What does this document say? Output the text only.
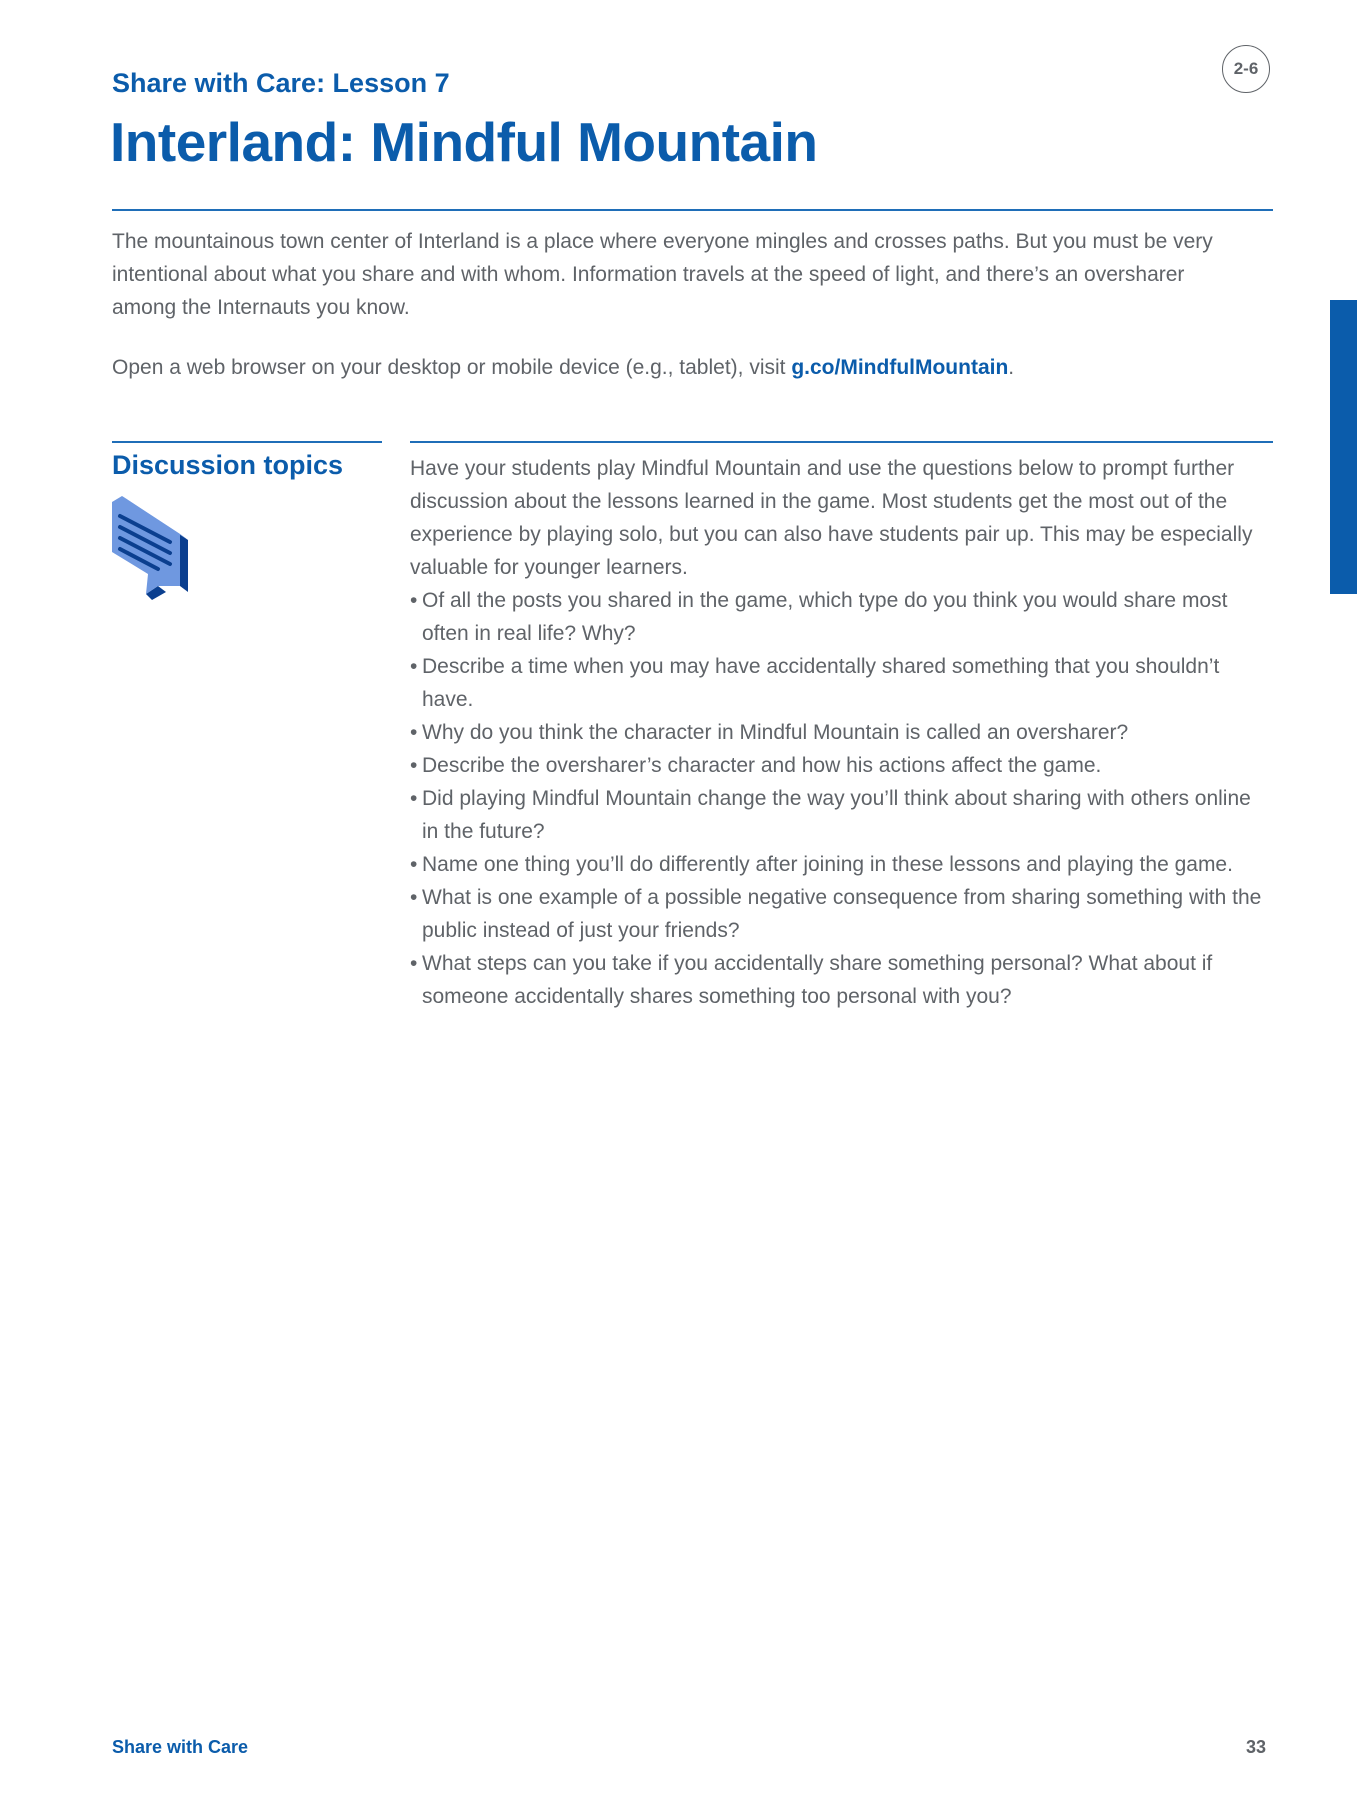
2-6
Share with Care: Lesson 7
Interland: Mindful Mountain

The mountainous town center of Interland is a place where everyone mingles and crosses paths. But you must be very intentional about what you share and with whom. Information travels at the speed of light, and there’s an oversharer among the Internauts you know.

Open a web browser on your desktop or mobile device (e.g., tablet), visit g.co/MindfulMountain.

Discussion topics	Have your students play Mindful Mountain and use the questions below to prompt further discussion about the lessons learned in the game. Most students get the most out of the experience by playing solo, but you can also have students pair up. This may be especially valuable for younger learners.

• Of all the posts you shared in the game, which type do you think you would share most often in real life? Why?
• Describe a time when you may have accidentally shared something that you shouldn’t have.
• Why do you think the character in Mindful Mountain is called an oversharer?
• Describe the oversharer’s character and how his actions affect the game.
• Did playing Mindful Mountain change the way you’ll think about sharing with others online in the future?
• Name one thing you’ll do differently after joining in these lessons and playing the game.
• What is one example of a possible negative consequence from sharing something with the public instead of just your friends?
• What steps can you take if you accidentally share something personal? What about if someone accidentally shares something too personal with you?
Share with Care	33
